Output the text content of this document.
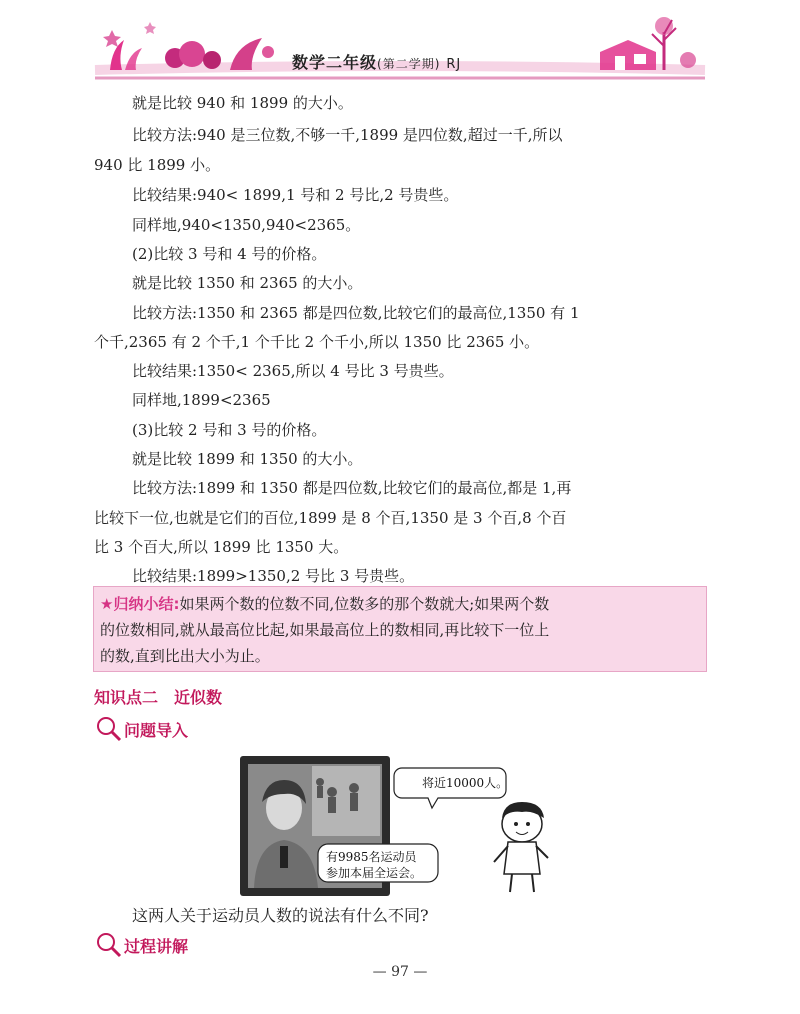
数学二年级(第二学期) RJ
就是比较 940 和 1899 的大小。
比较方法:940 是三位数,不够一千,1899 是四位数,超过一千,所以
940 比 1899 小。
比较结果:940< 1899,1 号和 2 号比,2 号贵些。
同样地,940<1350,940<2365。
(2)比较 3 号和 4 号的价格。
就是比较 1350 和 2365 的大小。
比较方法:1350 和 2365 都是四位数,比较它们的最高位,1350 有 1
个千,2365 有 2 个千,1 个千比 2 个千小,所以 1350 比 2365 小。
比较结果:1350< 2365,所以 4 号比 3 号贵些。
同样地,1899<2365
(3)比较 2 号和 3 号的价格。
就是比较 1899 和 1350 的大小。
比较方法:1899 和 1350 都是四位数,比较它们的最高位,都是 1,再
比较下一位,也就是它们的百位,1899 是 8 个百,1350 是 3 个百,8 个百
比 3 个百大,所以 1899 比 1350 大。
比较结果:1899>1350,2 号比 3 号贵些。
★归纳小结:如果两个数的位数不同,位数多的那个数就大;如果两个数
的位数相同,就从最高位比起,如果最高位上的数相同,再比较下一位上
的数,直到比出大小为止。
知识点二　近似数
问题导入
将近10000人。
有9985名运动员
参加本届全运会。
这两人关于运动员人数的说法有什么不同?
过程讲解
— 97 —
